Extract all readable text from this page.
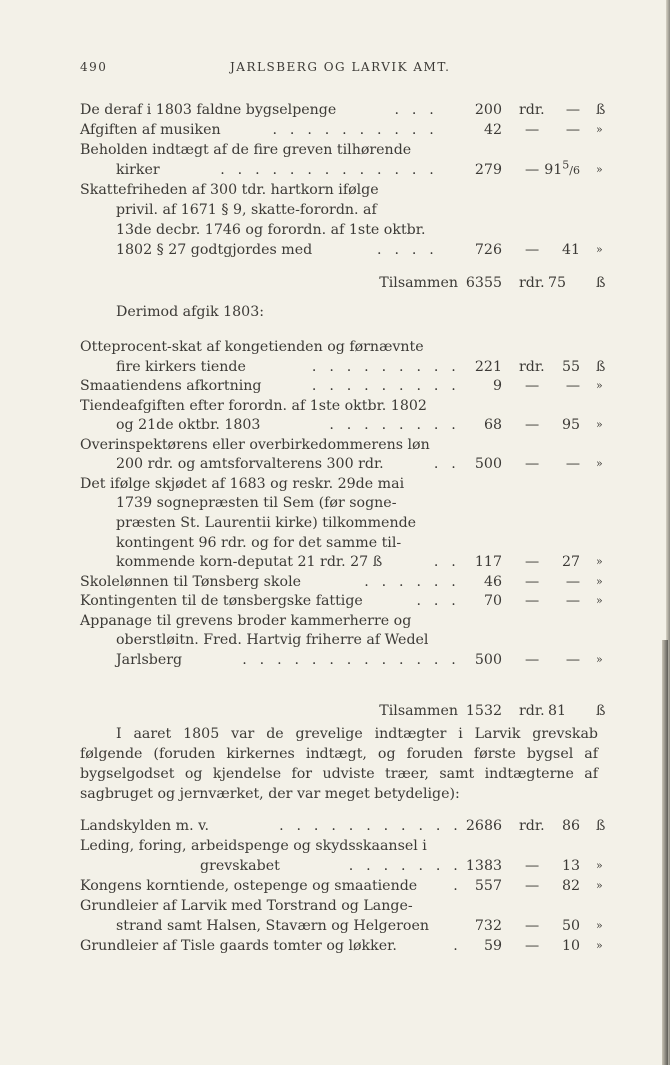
490	JARLSBERG OG LARVIK AMT.
De deraf i 1803 faldne bygselpenge	. . .	200 rdr. — ß
Afgiften af musiken	. . . . . . . . . .	42 — — »
Beholden indtægt af de fire greven tilhørende
kirker	. . . . . . . . . . . . .	279 — $91^5/6$ »
Skattefriheden af 300 tdr. hartkorn ifølge
privil. af 1671 § 9, skatte-forordn. af
13de decbr. 1746 og forordn. af 1ste oktbr.
1802 § 27 godtgjordes med	. . . .	726 — 41 »
Tilsammen 6355 rdr. 75 ß
Derimod afgik 1803:
Otteprocent-skat af kongetienden og førnævnte
fire kirkers tiende	. . . . . . . . . 221 rdr. 55 ß
Smaatiendens afkortning	. . . . . . . . . 9 — — »
Tiendeafgiften efter forordn. af 1ste oktbr. 1802
og 21de oktbr. 1803	. . . . . . . . 68 — 95 »
Overinspektørens eller overbirkedommerens løn
200 rdr. og amtsforvalterens 300 rdr.	. . 500 — — »
Det ifølge skjødet af 1683 og reskr. 29de mai
1739 sognepræsten til Sem (før sogne-
præsten St. Laurentii kirke) tilkommende
kontingent 96 rdr. og for det samme til-
kommende korn-deputat 21 rdr. 27 ß	. . 117 — 27 »
Skolelønnen til Tønsberg skole	. . . . . . 46 — — »
Kontingenten til de tønsbergske fattige	. . . 70 — — »
Appanage til grevens broder kammerherre og
oberstløitn. Fred. Hartvig friherre af Wedel
Jarlsberg	. . . . . . . . . . . . . 500 — — »
Tilsammen 1532 rdr. 81 ß
I aaret 1805 var de grevelige indtægter i Larvik grevskab
følgende (foruden kirkernes indtægt, og foruden første bygsel af
bygselgodset og kjendelse for udviste træer, samt indtægterne af
sagbruget og jernværket, der var meget betydelige):
Landskylden m. v.	. . . . . . . . . . . 2686 rdr. 86 ß
Leding, foring, arbeidspenge og skydsskaansel i
grevskabet	. . . . . . . 1383 — 13 »
Kongens korntiende, ostepenge og smaatiende	. 557 — 82 »
Grundleier af Larvik med Torstrand og Lange-
strand samt Halsen, Staværn og Helgeroen	732 — 50 »
Grundleier af Tisle gaards tomter og løkker.	. 59 — 10 »
